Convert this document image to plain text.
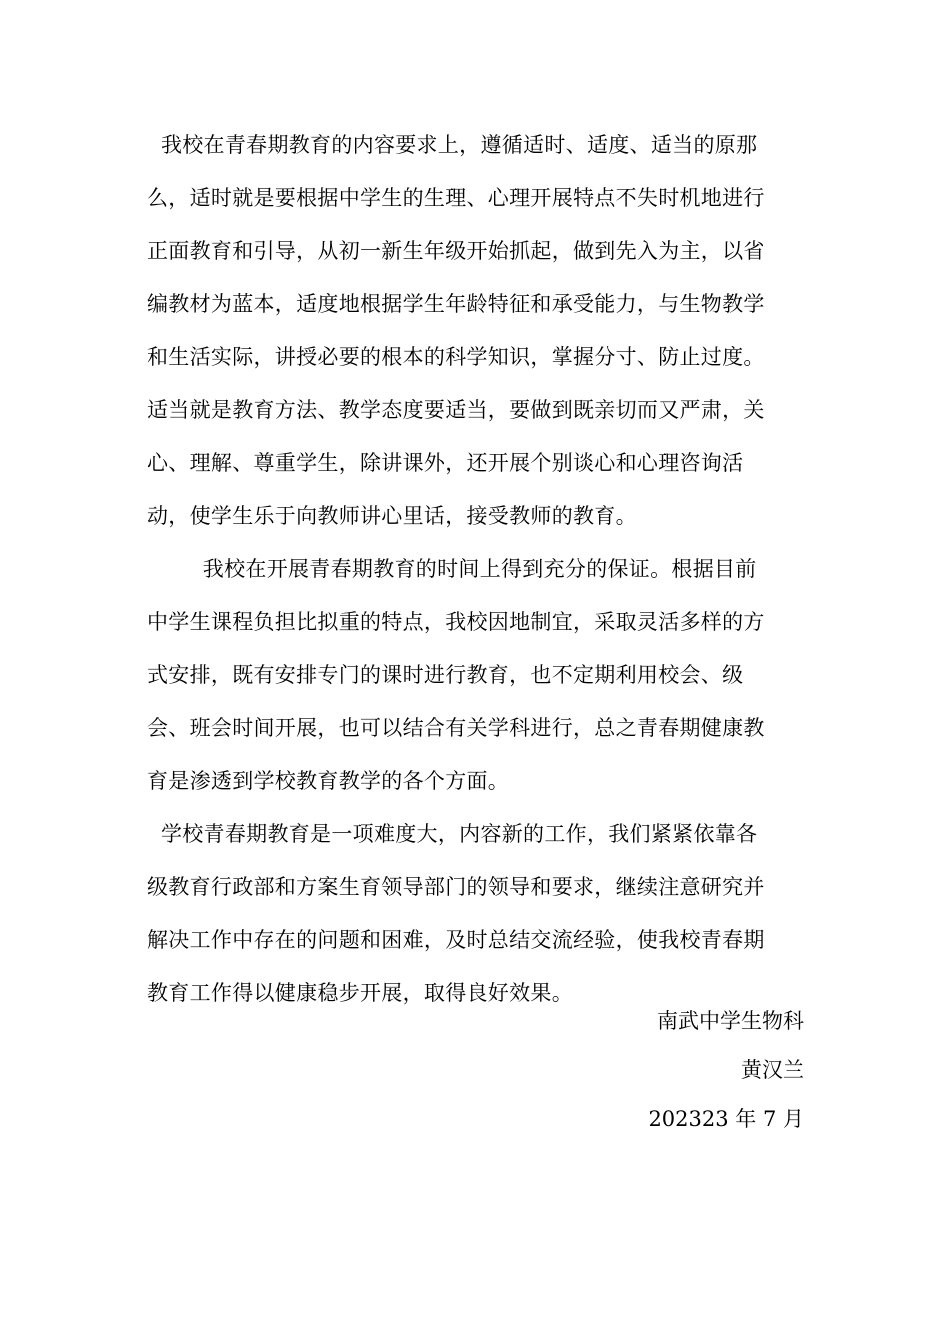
我校在青春期教育的内容要求上，遵循适时、适度、适当的原那
么，适时就是要根据中学生的生理、心理开展特点不失时机地进行
正面教育和引导，从初一新生年级开始抓起，做到先入为主，以省
编教材为蓝本，适度地根据学生年龄特征和承受能力，与生物教学
和生活实际，讲授必要的根本的科学知识，掌握分寸、防止过度。
适当就是教育方法、教学态度要适当，要做到既亲切而又严肃，关
心、理解、尊重学生，除讲课外，还开展个别谈心和心理咨询活
动，使学生乐于向教师讲心里话，接受教师的教育。
我校在开展青春期教育的时间上得到充分的保证。根据目前
中学生课程负担比拟重的特点，我校因地制宜，采取灵活多样的方
式安排，既有安排专门的课时进行教育，也不定期利用校会、级
会、班会时间开展，也可以结合有关学科进行，总之青春期健康教
育是渗透到学校教育教学的各个方面。
学校青春期教育是一项难度大，内容新的工作，我们紧紧依靠各
级教育行政部和方案生育领导部门的领导和要求，继续注意研究并
解决工作中存在的问题和困难，及时总结交流经验，使我校青春期
教育工作得以健康稳步开展，取得良好效果。
南武中学生物科
黄汉兰
202323 年 7 月
